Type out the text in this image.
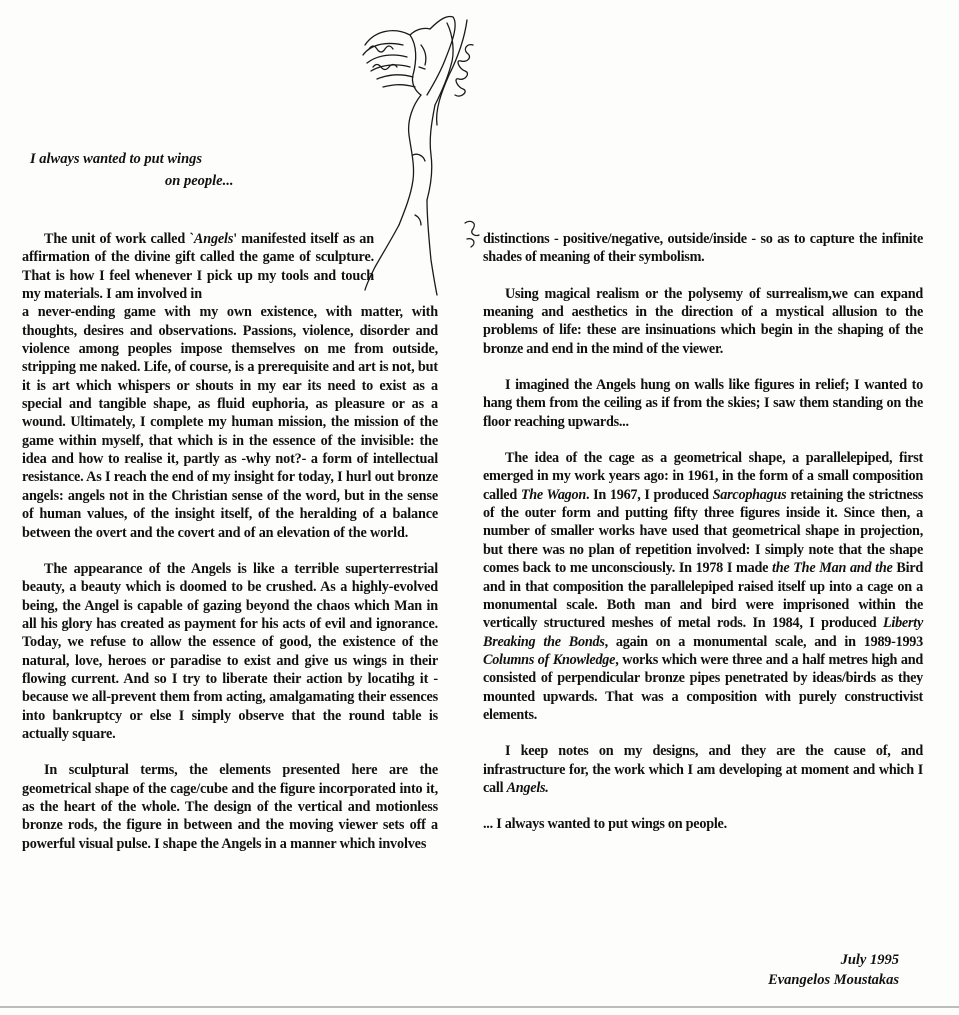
I always wanted to put wings
on people...

The unit of work called `Angels' manifested itself as an affirmation of the divine gift called the game of sculpture. That is how I feel whenever I pick up my tools and touch my materials. I am involved in
a never-ending game with my own existence, with matter, with thoughts, desires and observations. Passions, violence, disorder and violence among peoples impose themselves on me from outside, stripping me naked. Life, of course, is a prerequisite and art is not, but it is art which whispers or shouts in my ear its need to exist as a special and tangible shape, as fluid euphoria, as pleasure or as a wound. Ultimately, I complete my human mission, the mission of the game within myself, that which is in the essence of the invisible: the idea and how to realise it, partly as -why not?- a form of intellectual resistance. As I reach the end of my insight for today, I hurl out bronze angels: angels not in the Christian sense of the word, but in the sense of human values, of the insight itself, of the heralding of a balance between the overt and the covert and of an elevation of the world.

The appearance of the Angels is like a terrible superterrestrial beauty, a beauty which is doomed to be crushed. As a highly-evolved being, the Angel is capable of gazing beyond the chaos which Man in all his glory has created as payment for his acts of evil and ignorance. Today, we refuse to allow the essence of good, the existence of the natural, love, heroes or paradise to exist and give us wings in their flowing current. And so I try to liberate their action by locatihg it -because we all-prevent them from acting, amalgamating their essences into bankruptcy or else I simply observe that the round table is actually square.

In sculptural terms, the elements presented here are the geometrical shape of the cage/cube and the figure incorporated into it, as the heart of the whole. The design of the vertical and motionless bronze rods, the figure in between and the moving viewer sets off a powerful visual pulse. I shape the Angels in a manner which involves

distinctions - positive/negative, outside/inside - so as to capture the infinite shades of meaning of their symbolism.

Using magical realism or the polysemy of surrealism,we can expand meaning and aesthetics in the direction of a mystical allusion to the problems of life: these are insinuations which begin in the shaping of the bronze and end in the mind of the viewer.

I imagined the Angels hung on walls like figures in relief; I wanted to hang them from the ceiling as if from the skies; I saw them standing on the floor reaching upwards...

The idea of the cage as a geometrical shape, a parallelepiped, first emerged in my work years ago: in 1961, in the form of a small composition called The Wagon. In 1967, I produced Sarcophagus retaining the strictness of the outer form and putting fifty three figures inside it. Since then, a number of smaller works have used that geometrical shape in projection, but there was no plan of repetition involved: I simply note that the shape comes back to me unconsciously. In 1978 I made the The Man and the Bird and in that composition the parallelepiped raised itself up into a cage on a monumental scale. Both man and bird were imprisoned within the vertically structured meshes of metal rods. In 1984, I produced Liberty Breaking the Bonds, again on a monumental scale, and in 1989-1993 Columns of Knowledge, works which were three and a half metres high and consisted of perpendicular bronze pipes penetrated by ideas/birds as they mounted upwards. That was a composition with purely constructivist elements.

I keep notes on my designs, and they are the cause of, and infrastructure for, the work which I am developing at moment and which I call Angels.

... I always wanted to put wings on people.

July 1995
Evangelos Moustakas
